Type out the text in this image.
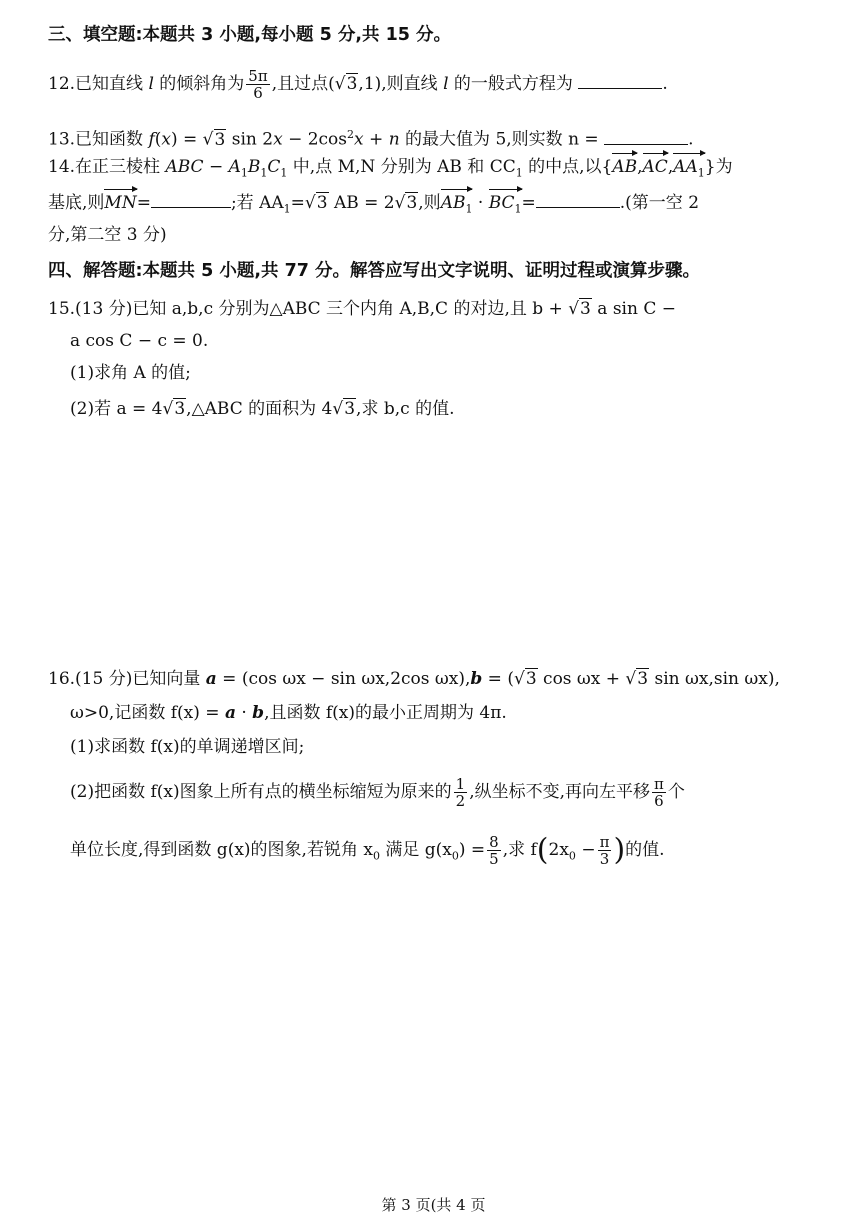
三、填空题:本题共 3 小题,每小题 5 分,共 15 分。
12.已知直线 l 的倾斜角为 $\frac{5\pi}{6}$ ,且过点(√3,1),则直线 l 的一般式方程为	.
13.已知函数 f(x) = √3 $\sin 2x - 2\cos^2x + n$ 的最大值为 5,则实数 n =	.
14.在正三棱柱 ABC − $A_1B_1C_1$ 中,点 M,N 分别为 AB 和 $CC_1$ 的中点,以$\{AB,AC,AA_1\}$为
基底,则MN=	;若 $AA_1=√3$ AB = 2√3,则$AB_1 \cdot BC_1=$	.(第一空 2
分,第二空 3 分)
四、解答题:本题共 5 小题,共 77 分。解答应写出文字说明、证明过程或演算步骤。
15.(13 分)已知 a,b,c 分别为△ABC 三个内角 A,B,C 的对边,且 b + √3 a sin C −
a cos C − c = 0.
(1)求角 A 的值;
(2)若 a = 4√3,△ABC 的面积为 4√3,求 b,c 的值.
16.(15 分)已知向量 a = (cos ωx − sin ωx,2cos ωx),b = (√3 cos ωx + √3 sin ωx,sin ωx),
ω>0,记函数 f(x) = a · b,且函数 f(x)的最小正周期为 4π.
(1)求函数 f(x)的单调递增区间;
(2)把函数 f(x)图象上所有点的横坐标缩短为原来的 $\frac{1}{2}$ ,纵坐标不变,再向左平移 $\frac{\pi}{6}$ 个
单位长度,得到函数 g(x)的图象,若锐角 $x_0$ 满足 $g(x_0) = \frac{8}{5}$ ,求 $f(2x_0 - \frac{\pi}{3}$ )的值.
第 3 页(共 4 页
